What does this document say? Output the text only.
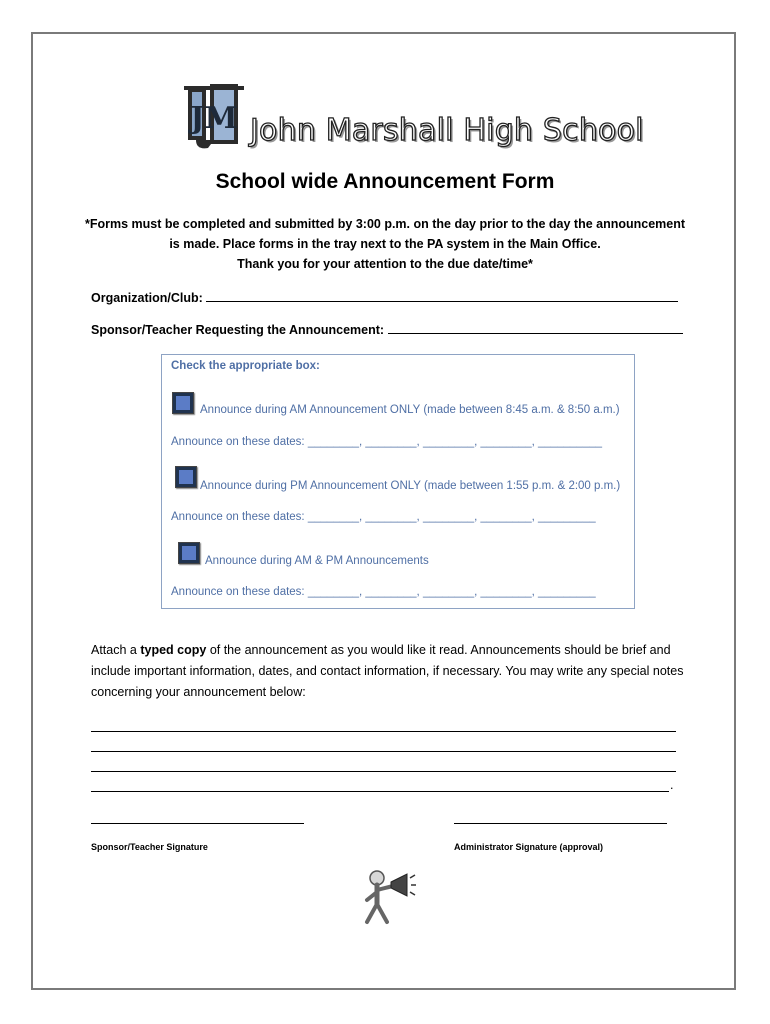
JM John Marshall High School
School wide Announcement Form
*Forms must be completed and submitted by 3:00 p.m. on the day prior to the day the announcement
is made. Place forms in the tray next to the PA system in the Main Office.
Thank you for your attention to the due date/time*
Organization/Club:
Sponsor/Teacher Requesting the Announcement:
Check the appropriate box:
Announce during AM Announcement ONLY (made between 8:45 a.m. & 8:50 a.m.)
Announce on these dates: ________, ________, ________, ________, __________
Announce during PM Announcement ONLY (made between 1:55 p.m. & 2:00 p.m.)
Announce on these dates: ________, ________, ________, ________, _________
Announce during AM & PM Announcements
Announce on these dates: ________, ________, ________, ________, _________
Attach a typed copy of the announcement as you would like it read. Announcements should be brief and include important information, dates, and contact information, if necessary. You may write any special notes concerning your announcement below:
.
Sponsor/Teacher Signature	Administrator Signature (approval)
